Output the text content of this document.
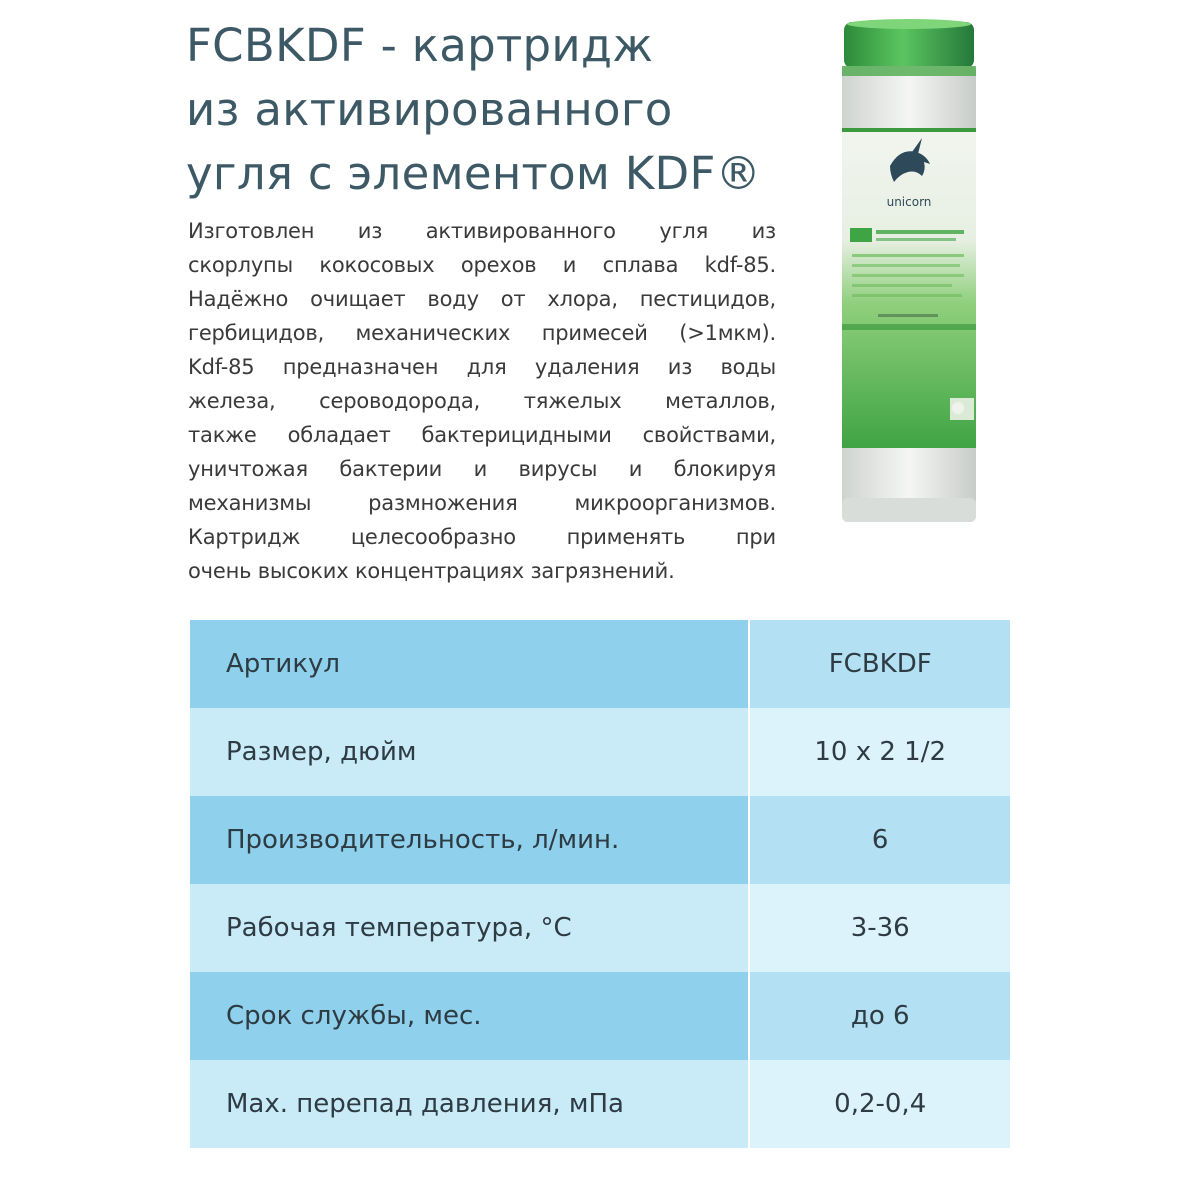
FCBKDF - картридж
из активированного
угля с элементом KDF®
Изготовлен из активированного угля из
скорлупы кокосовых орехов и сплава kdf-85.
Надёжно очищает воду от хлора, пестицидов,
гербицидов, механических примесей (>1мкм).
Kdf-85 предназначен для удаления из воды
железа, сероводорода, тяжелых металлов,
также обладает бактерицидными свойствами,
уничтожая бактерии и вирусы и блокируя
механизмы размножения микроорганизмов.
Картридж целесообразно применять при
очень высоких концентрациях загрязнений.
unicorn
Артикул	FCBKDF
Размер, дюйм	10 x 2 1/2
Производительность, л/мин.	6
Рабочая температура, °С	3-36
Срок службы, мес.	до 6
Max. перепад давления, мПа	0,2-0,4
